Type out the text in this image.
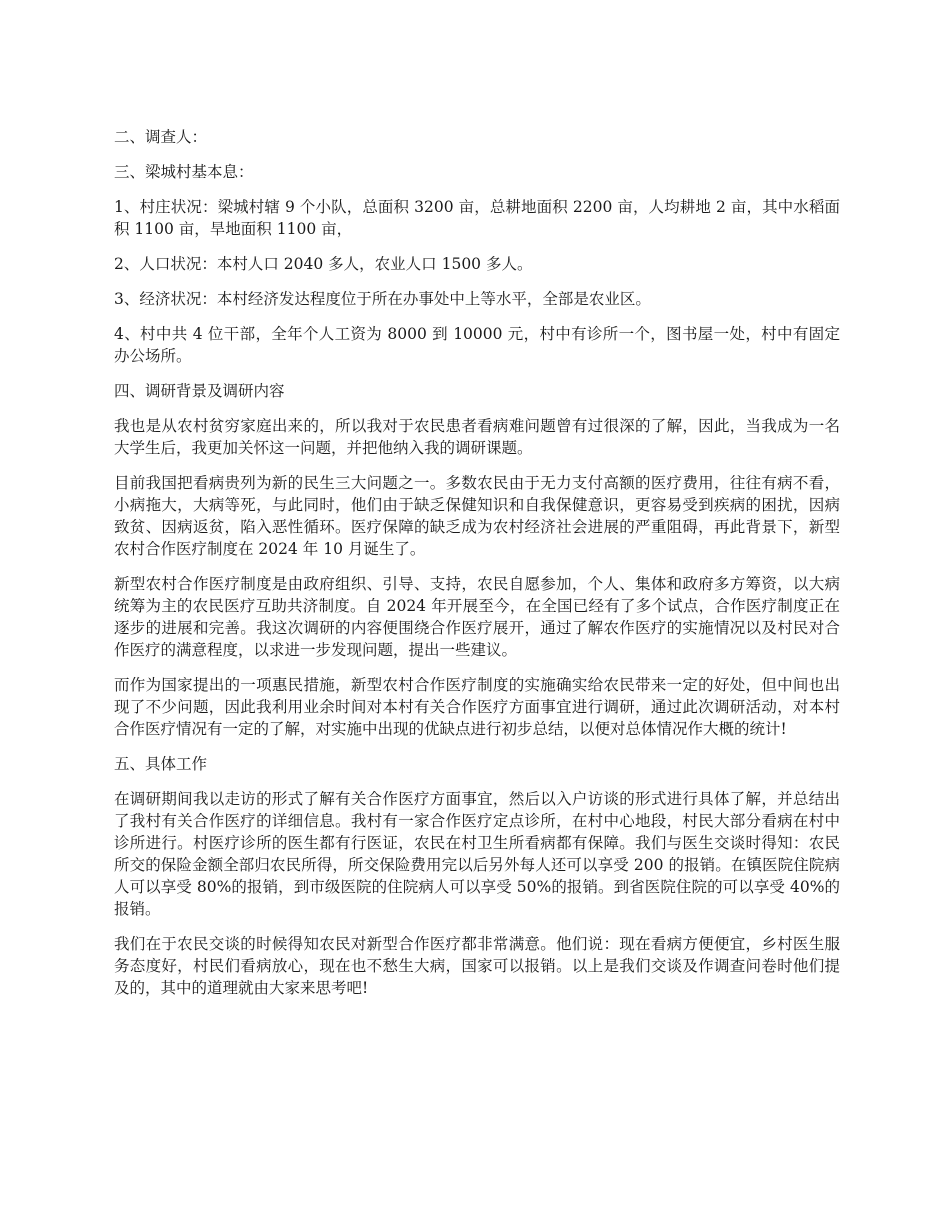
二、调查人：

三、梁城村基本息：

1、村庄状况：梁城村辖 9 个小队，总面积 3200 亩，总耕地面积 2200 亩，人均耕地 2 亩，其中水稻面积 1100 亩，旱地面积 1100 亩，

2、人口状况：本村人口 2040 多人，农业人口 1500 多人。

3、经济状况：本村经济发达程度位于所在办事处中上等水平，全部是农业区。

4、村中共 4 位干部，全年个人工资为 8000 到 10000 元，村中有诊所一个，图书屋一处，村中有固定办公场所。

四、调研背景及调研内容

我也是从农村贫穷家庭出来的，所以我对于农民患者看病难问题曾有过很深的了解，因此，当我成为一名大学生后，我更加关怀这一问题，并把他纳入我的调研课题。

目前我国把看病贵列为新的民生三大问题之一。多数农民由于无力支付高额的医疗费用，往往有病不看，小病拖大，大病等死，与此同时，他们由于缺乏保健知识和自我保健意识，更容易受到疾病的困扰，因病致贫、因病返贫，陷入恶性循环。医疗保障的缺乏成为农村经济社会进展的严重阻碍，再此背景下，新型农村合作医疗制度在 2024 年 10 月诞生了。

新型农村合作医疗制度是由政府组织、引导、支持，农民自愿参加，个人、集体和政府多方筹资，以大病统筹为主的农民医疗互助共济制度。自 2024 年开展至今，在全国已经有了多个试点，合作医疗制度正在逐步的进展和完善。我这次调研的内容便围绕合作医疗展开，通过了解农作医疗的实施情况以及村民对合作医疗的满意程度，以求进一步发现问题，提出一些建议。

而作为国家提出的一项惠民措施，新型农村合作医疗制度的实施确实给农民带来一定的好处，但中间也出现了不少问题，因此我利用业余时间对本村有关合作医疗方面事宜进行调研，通过此次调研活动，对本村合作医疗情况有一定的了解，对实施中出现的优缺点进行初步总结，以便对总体情况作大概的统计!

五、具体工作

在调研期间我以走访的形式了解有关合作医疗方面事宜，然后以入户访谈的形式进行具体了解，并总结出了我村有关合作医疗的详细信息。我村有一家合作医疗定点诊所，在村中心地段，村民大部分看病在村中诊所进行。村医疗诊所的医生都有行医证，农民在村卫生所看病都有保障。我们与医生交谈时得知：农民所交的保险金额全部归农民所得，所交保险费用完以后另外每人还可以享受 200 的报销。在镇医院住院病人可以享受 80%的报销，到市级医院的住院病人可以享受 50%的报销。到省医院住院的可以享受 40%的报销。

我们在于农民交谈的时候得知农民对新型合作医疗都非常满意。他们说：现在看病方便便宜，乡村医生服务态度好，村民们看病放心，现在也不愁生大病，国家可以报销。以上是我们交谈及作调查问卷时他们提及的，其中的道理就由大家来思考吧!
